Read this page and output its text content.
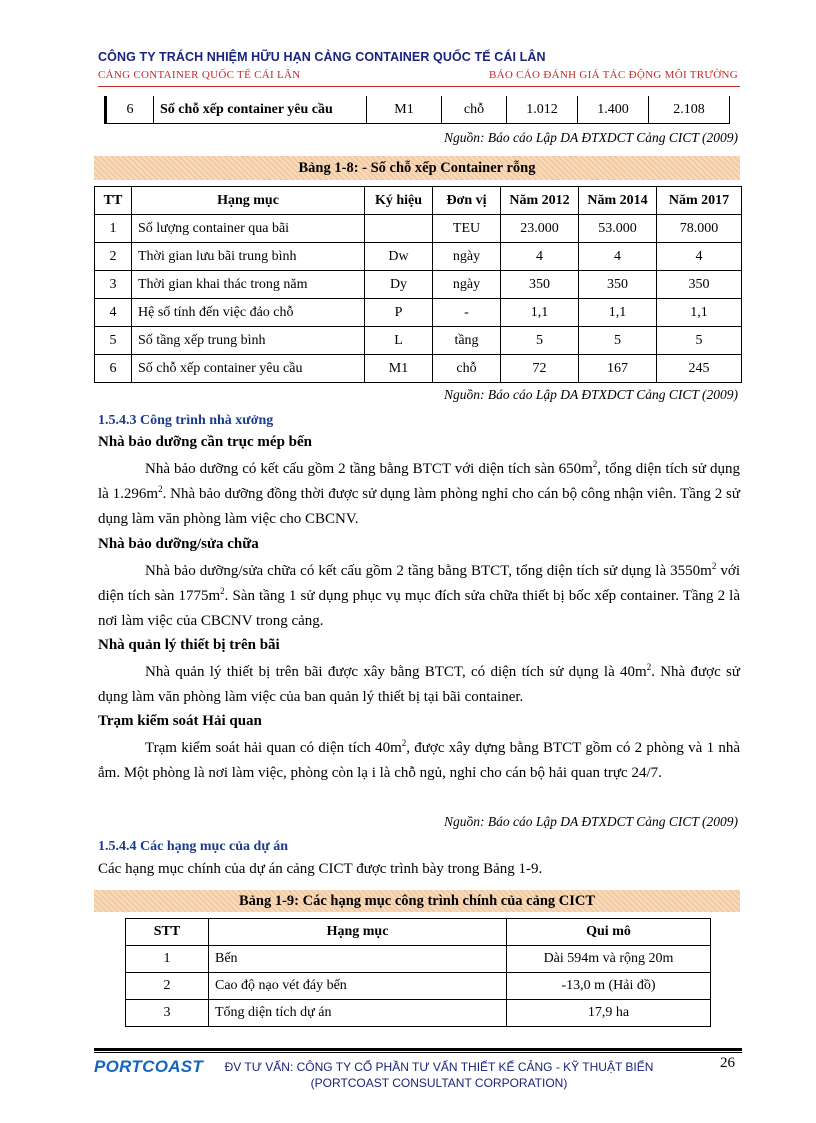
CÔNG TY TRÁCH NHIỆM HỮU HẠN CẢNG CONTAINER QUỐC TẾ CÁI LÂN
CẢNG CONTAINER QUỐC TẾ CÁI LÂN	BÁO CÁO ĐÁNH GIÁ TÁC ĐỘNG MÔI TRƯỜNG
6	Số chỗ xếp container yêu cầu	M1	chỗ	1.012	1.400	2.108
Nguồn: Báo cáo Lập DA ĐTXDCT Cảng CICT (2009)
Bảng 1-8: - Số chỗ xếp Container rỗng
TT	Hạng mục	Ký hiệu	Đơn vị	Năm 2012	Năm 2014	Năm 2017
1	Số lượng container qua bãi		TEU	23.000	53.000	78.000
2	Thời gian lưu bãi trung bình	Dw	ngày	4	4	4
3	Thời gian khai thác trong năm	Dy	ngày	350	350	350
4	Hệ số tính đến việc đảo chỗ	P	-	1,1	1,1	1,1
5	Số tầng xếp trung bình	L	tầng	5	5	5
6	Số chỗ xếp container yêu cầu	M1	chỗ	72	167	245
Nguồn: Báo cáo Lập DA ĐTXDCT Cảng CICT (2009)
1.5.4.3 Công trình nhà xưởng
Nhà bảo dưỡng cần trục mép bến
Nhà bảo dưỡng có kết cấu gồm 2 tầng bằng BTCT với diện tích sàn $650m^2$, tổng diện tích sử dụng là $1.296m^2$. Nhà bảo dưỡng đồng thời được sử dụng làm phòng nghỉ cho cán bộ công nhận viên. Tầng 2 sử dụng làm văn phòng làm việc cho CBCNV.
Nhà bảo dưỡng/sửa chữa
Nhà bảo dưỡng/sửa chữa có kết cấu gồm 2 tầng bằng BTCT, tổng diện tích sử dụng là $3550m^2$ với diện tích sàn $1775m^2$. Sàn tầng 1 sử dụng phục vụ mục đích sửa chữa thiết bị bốc xếp container. Tầng 2 là nơi làm việc của CBCNV trong cảng.
Nhà quản lý thiết bị trên bãi
Nhà quản lý thiết bị trên bãi được xây bằng BTCT, có diện tích sử dụng là $40m^2$. Nhà được sử dụng làm văn phòng làm việc của ban quản lý thiết bị tại bãi container.
Trạm kiểm soát Hải quan
Trạm kiểm soát hải quan có diện tích $40m^2$, được xây dựng bằng BTCT gồm có 2 phòng và 1 nhà ắm. Một phòng là nơi làm việc, phòng còn lạ i là chỗ ngủ, nghỉ cho cán bộ hải quan trực 24/7.
Nguồn: Báo cáo Lập DA ĐTXDCT Cảng CICT (2009)
1.5.4.4 Các hạng mục của dự án
Các hạng mục chính của dự án cảng CICT được trình bày trong Bảng 1-9.
Bảng 1-9: Các hạng mục công trình chính của cảng CICT
STT	Hạng mục	Qui mô
1	Bến	Dài 594m và rộng 20m
2	Cao độ nạo vét đáy bến	-13,0 m (Hải đồ)
3	Tổng diện tích dự án	17,9 ha
PORTCOAST	ĐV TƯ VẤN: CÔNG TY CỔ PHẦN TƯ VẤN THIẾT KẾ CẢNG - KỸ THUẬT BIỂN
(PORTCOAST CONSULTANT CORPORATION)
26
